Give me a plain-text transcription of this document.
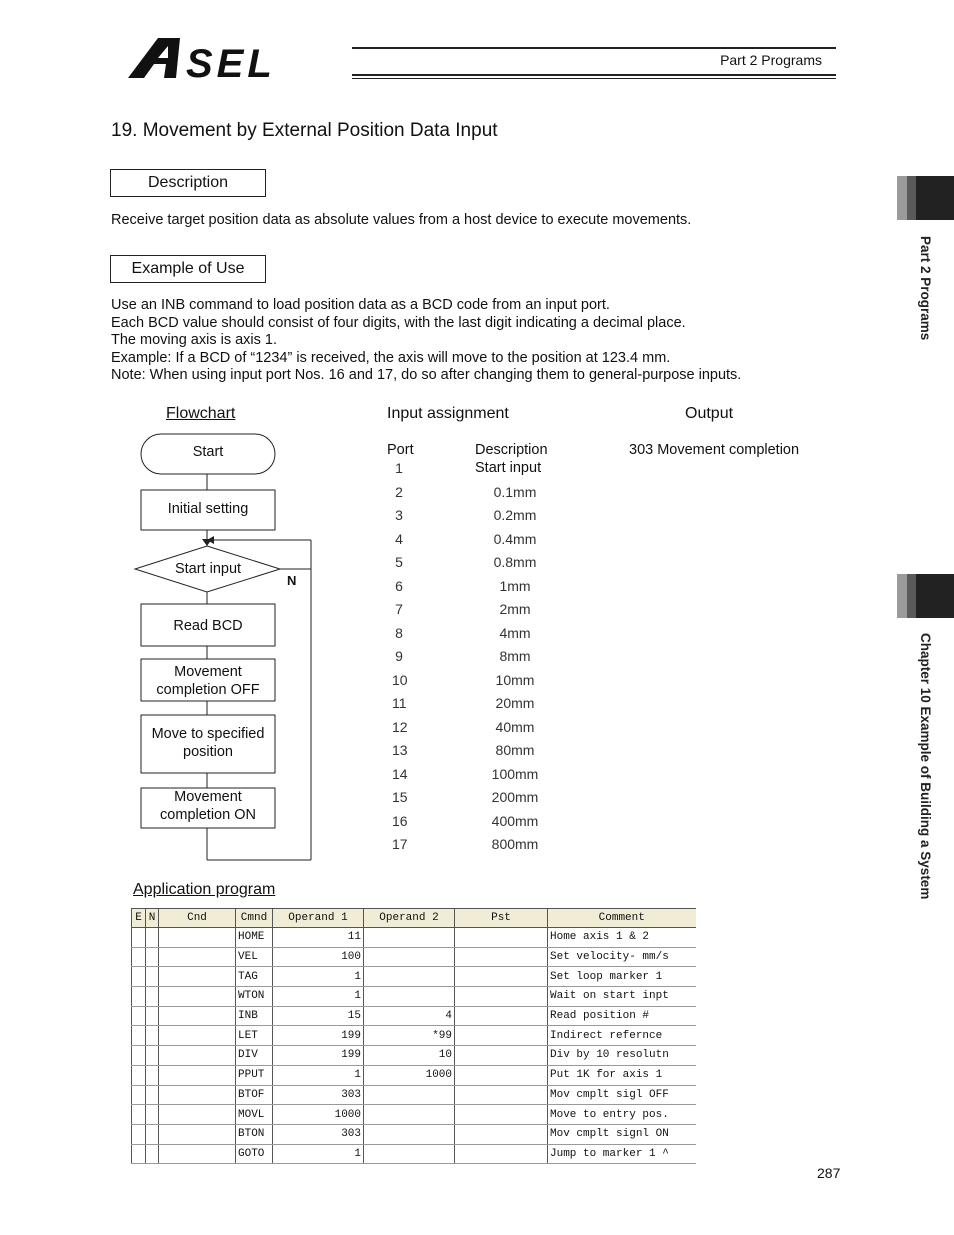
SEL	Part 2 Programs
19. Movement by External Position Data Input
Description
Receive target position data as absolute values from a host device to execute movements.
Example of Use
Use an INB command to load position data as a BCD code from an input port.
Each BCD value should consist of four digits, with the last digit indicating a decimal place.
The moving axis is axis 1.
Example: If a BCD of “1234” is received, the axis will move to the position at 123.4 mm.
Note: When using input port Nos. 16 and 17, do so after changing them to general-purpose inputs.
Flowchart	Input assignment	Output
Start
Initial setting
Start input
N
Read BCD
Movement
completion OFF
Move to specified
position
Movement
completion ON
Port	Description
1	Start input
2	0.1mm
3	0.2mm
4	0.4mm
5	0.8mm
6	1mm
7	2mm
8	4mm
9	8mm
10	10mm
11	20mm
12	40mm
13	80mm
14	100mm
15	200mm
16	400mm
17	800mm
303 Movement completion
Application program
E	N	Cnd	Cmnd	Operand 1	Operand 2	Pst	Comment
			HOME	11			Home axis 1 & 2
			VEL	100			Set velocity- mm/s
			TAG	1			Set loop marker 1
			WTON	1			Wait on start inpt
			INB	15	4		Read position #
			LET	199	*99		Indirect refernce
			DIV	199	10		Div by 10 resolutn
			PPUT	1	1000		Put 1K for axis 1
			BTOF	303			Mov cmplt sigl OFF
			MOVL	1000			Move to entry pos.
			BTON	303			Mov cmplt signl ON
			GOTO	1			Jump to marker 1 ^
Part 2 Programs
Chapter 10 Example of Building a System
287
